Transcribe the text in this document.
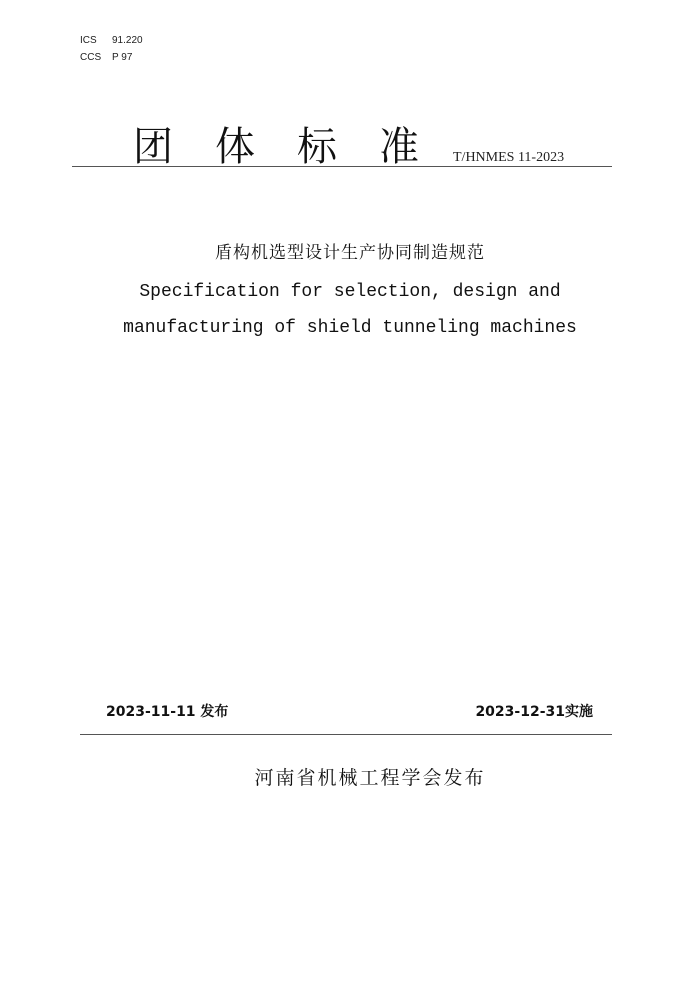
ICS 91.220
CCS P 97
团体标准
T/HNMES 11-2023
盾构机选型设计生产协同制造规范
Specification for selection, design and
manufacturing of shield tunneling machines
2023-11-11 发布	2023-12-31实施
河南省机械工程学会发布
